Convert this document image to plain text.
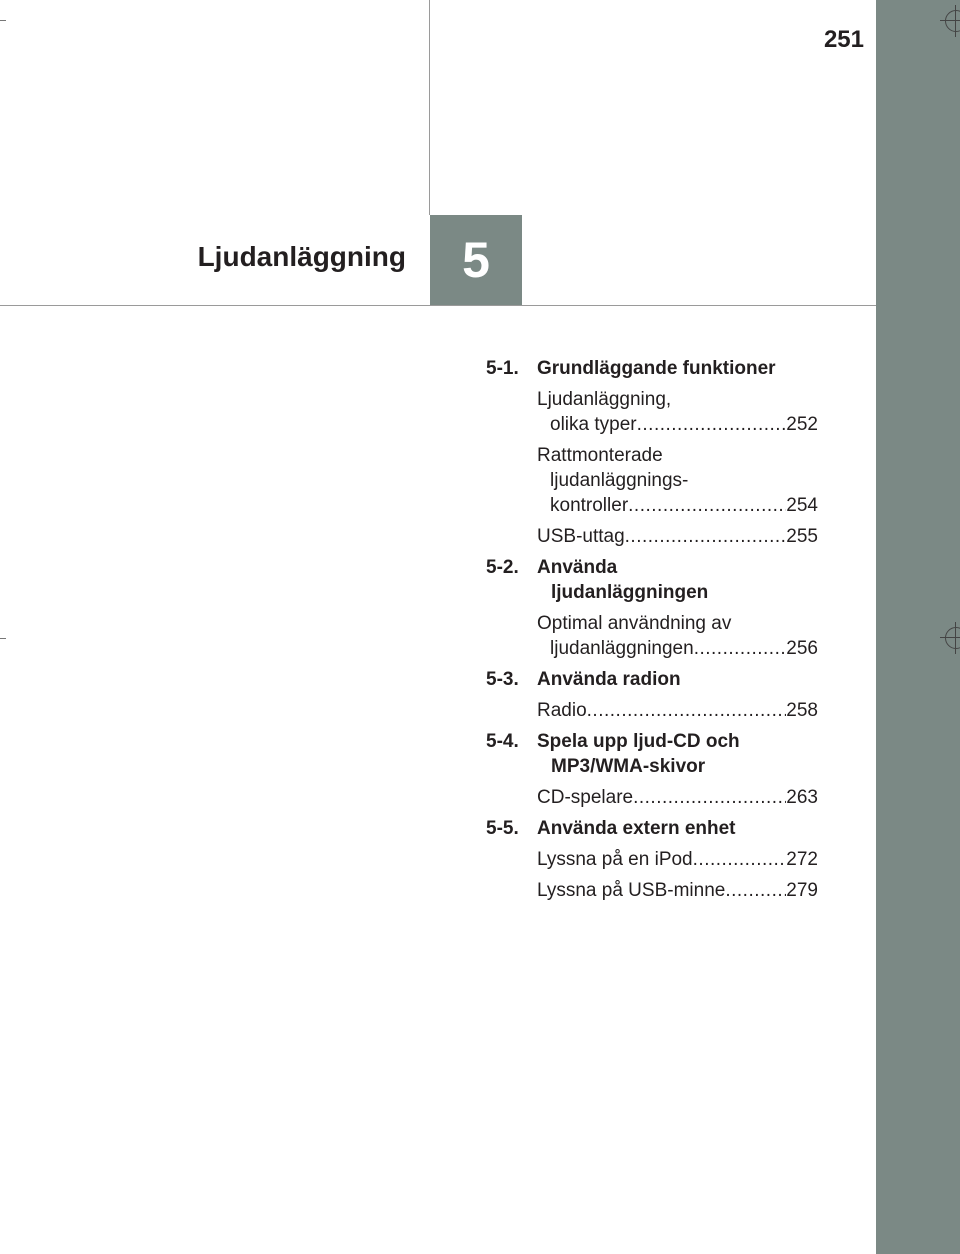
251
5
Ljudanläggning
5-1. Grundläggande funktioner
Ljudanläggning,
olika typer .....	252
Rattmonterade
ljudanläggnings-
kontroller .....	254
USB-uttag .....	255
5-2. Använda
ljudanläggningen
Optimal användning av
ljudanläggningen .....	256
5-3. Använda radion
Radio .....	258
5-4. Spela upp ljud-CD och
MP3/WMA-skivor
CD-spelare .....	263
5-5. Använda extern enhet
Lyssna på en iPod .....	272
Lyssna på USB-minne .....	279
carmanualsonline.info
